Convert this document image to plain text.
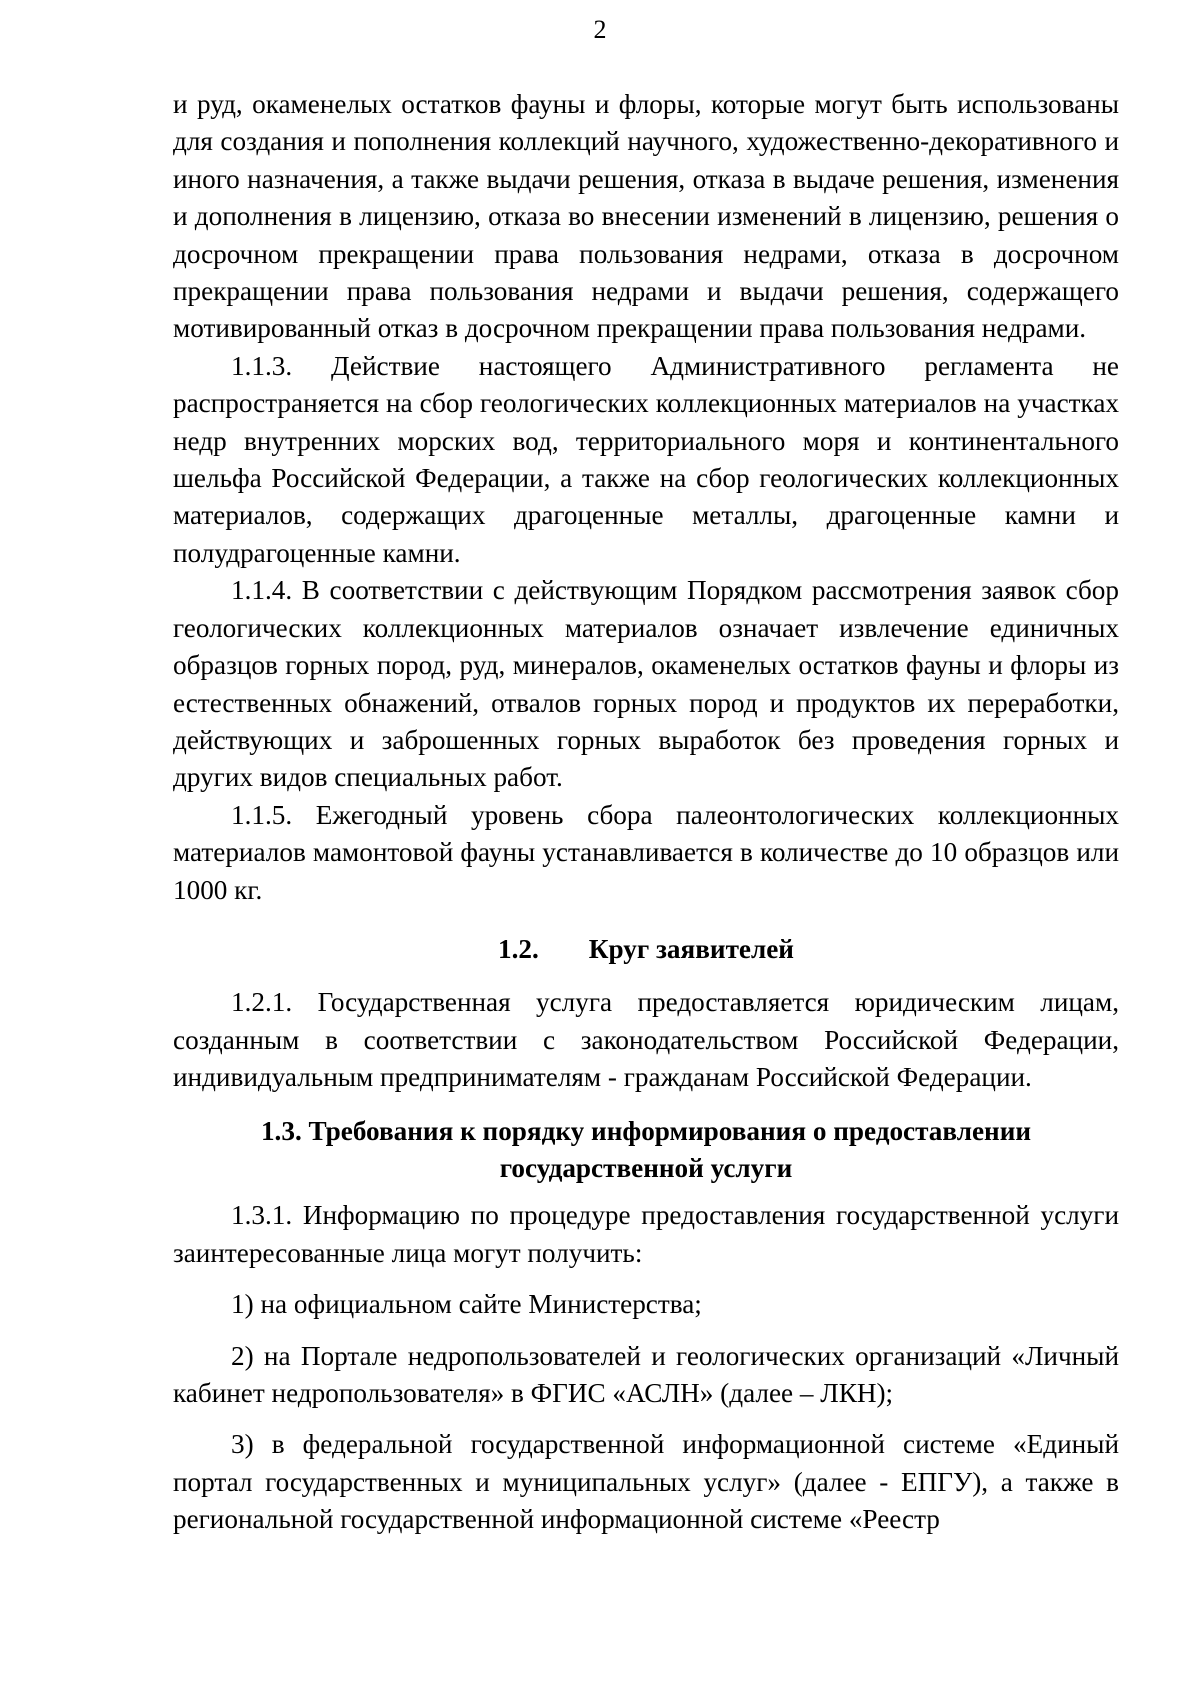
2

и руд, окаменелых остатков фауны и флоры, которые могут быть использованы для создания и пополнения коллекций научного, художественно-декоративного и иного назначения, а также выдачи решения, отказа в выдаче решения, изменения и дополнения в лицензию, отказа во внесении изменений в лицензию, решения о досрочном прекращении права пользования недрами, отказа в досрочном прекращении права пользования недрами и выдачи решения, содержащего мотивированный отказ в досрочном прекращении права пользования недрами.

1.1.3. Действие настоящего Административного регламента не распространяется на сбор геологических коллекционных материалов на участках недр внутренних морских вод, территориального моря и континентального шельфа Российской Федерации, а также на сбор геологических коллекционных материалов, содержащих драгоценные металлы, драгоценные камни и полудрагоценные камни.

1.1.4. В соответствии с действующим Порядком рассмотрения заявок сбор геологических коллекционных материалов означает извлечение единичных образцов горных пород, руд, минералов, окаменелых остатков фауны и флоры из естественных обнажений, отвалов горных пород и продуктов их переработки, действующих и заброшенных горных выработок без проведения горных и других видов специальных работ.

1.1.5. Ежегодный уровень сбора палеонтологических коллекционных материалов мамонтовой фауны устанавливается в количестве до 10 образцов или 1000 кг.

1.2. Круг заявителей

1.2.1. Государственная услуга предоставляется юридическим лицам, созданным в соответствии с законодательством Российской Федерации, индивидуальным предпринимателям - гражданам Российской Федерации.

1.3. Требования к порядку информирования о предоставлении
государственной услуги

1.3.1. Информацию по процедуре предоставления государственной услуги заинтересованные лица могут получить:

1) на официальном сайте Министерства;

2) на Портале недропользователей и геологических организаций «Личный кабинет недропользователя» в ФГИС «АСЛН» (далее – ЛКН);

3) в федеральной государственной информационной системе «Единый портал государственных и муниципальных услуг» (далее - ЕПГУ), а также в региональной государственной информационной системе «Реестр
